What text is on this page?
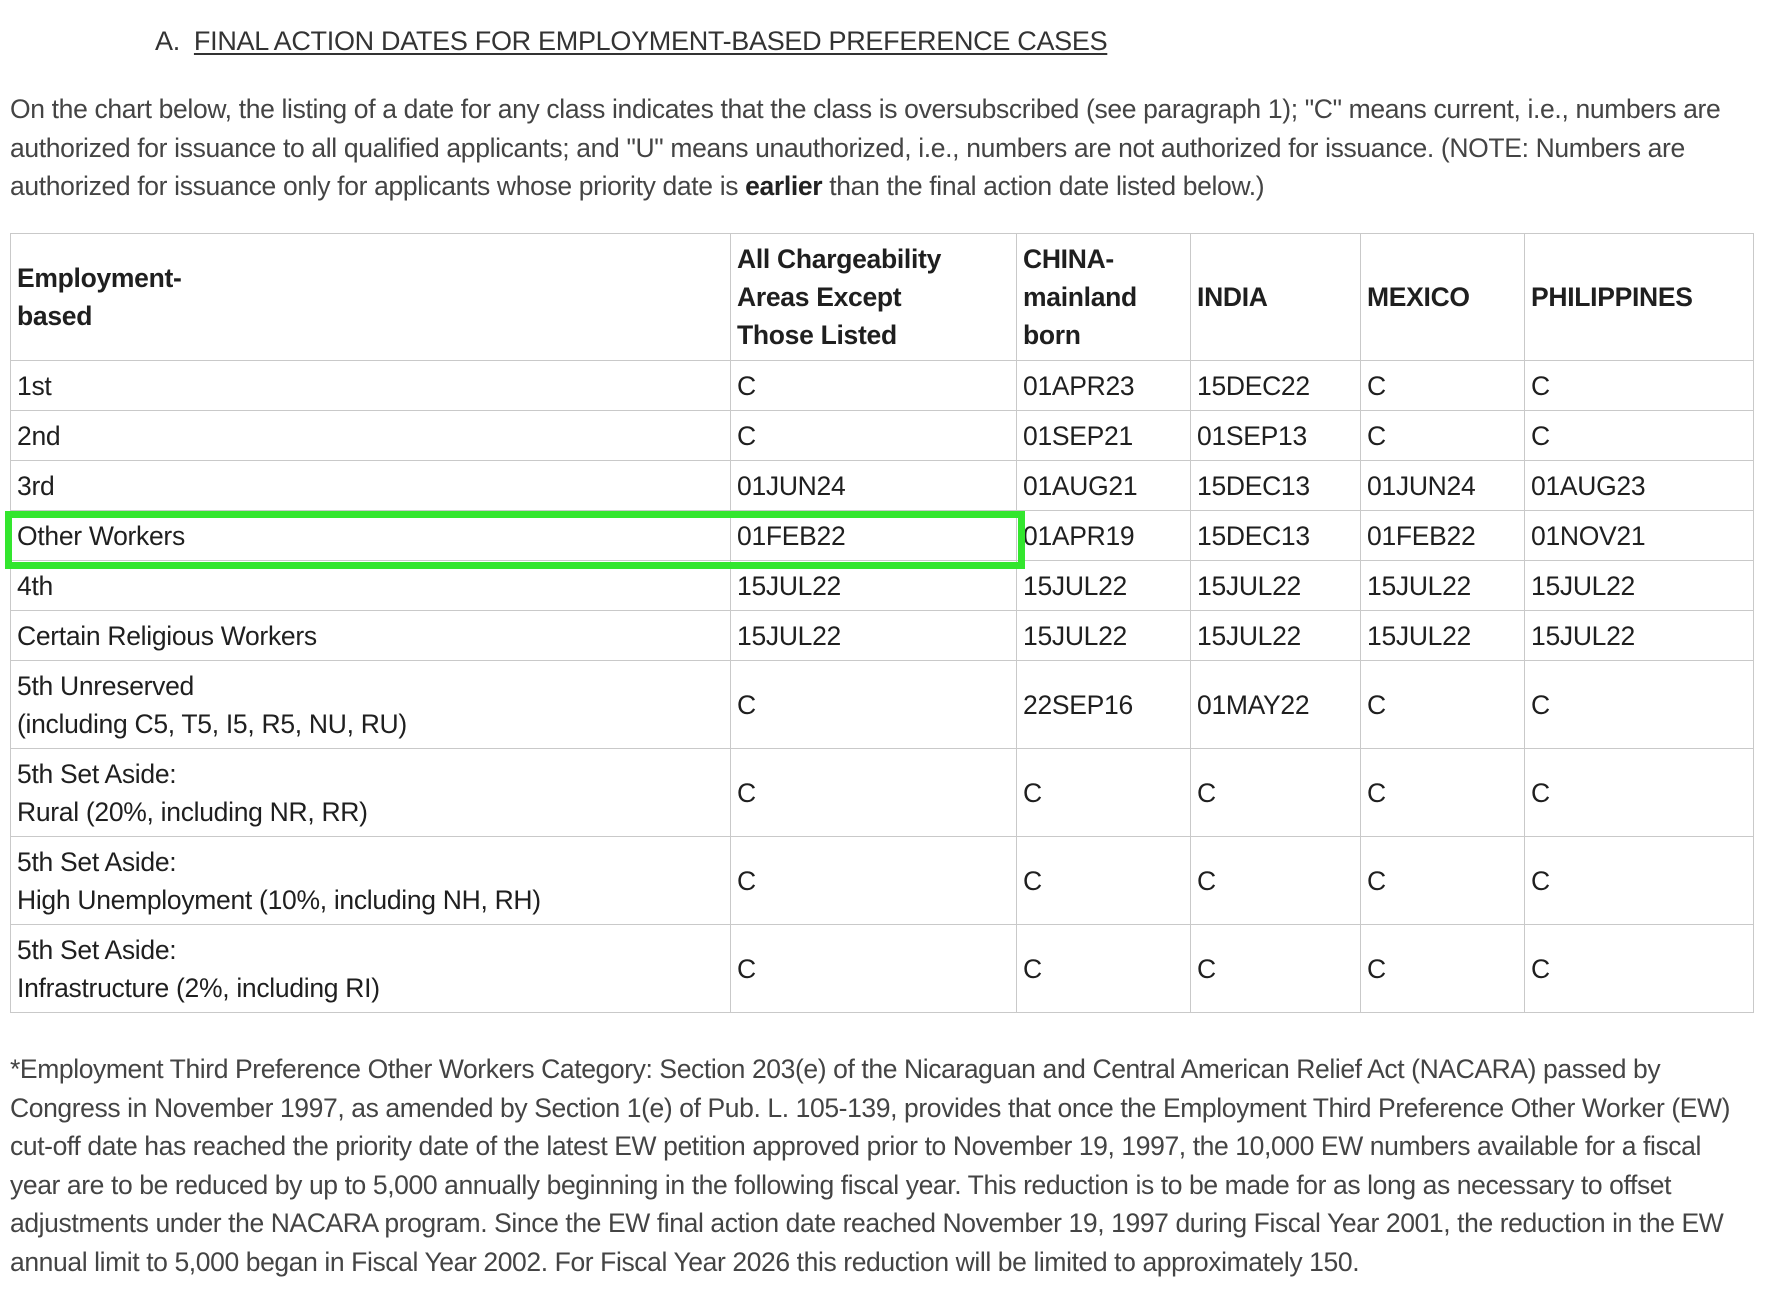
A. FINAL ACTION DATES FOR EMPLOYMENT-BASED PREFERENCE CASES

On the chart below, the listing of a date for any class indicates that the class is oversubscribed (see paragraph 1); "C" means current, i.e., numbers are authorized for issuance to all qualified applicants; and "U" means unauthorized, i.e., numbers are not authorized for issuance. (NOTE: Numbers are authorized for issuance only for applicants whose priority date is earlier than the final action date listed below.)

Employment-
based	All Chargeability
Areas Except
Those Listed	CHINA-
mainland
born	INDIA	MEXICO	PHILIPPINES
1st	C	01APR23	15DEC22	C	C
2nd	C	01SEP21	01SEP13	C	C
3rd	01JUN24	01AUG21	15DEC13	01JUN24	01AUG23
Other Workers	01FEB22	01APR19	15DEC13	01FEB22	01NOV21
4th	15JUL22	15JUL22	15JUL22	15JUL22	15JUL22
Certain Religious Workers	15JUL22	15JUL22	15JUL22	15JUL22	15JUL22
5th Unreserved
(including C5, T5, I5, R5, NU, RU)	C	22SEP16	01MAY22	C	C
5th Set Aside:
Rural (20%, including NR, RR)	C	C	C	C	C
5th Set Aside:
High Unemployment (10%, including NH, RH)	C	C	C	C	C
5th Set Aside:
Infrastructure (2%, including RI)	C	C	C	C	C

*Employment Third Preference Other Workers Category: Section 203(e) of the Nicaraguan and Central American Relief Act (NACARA) passed by Congress in November 1997, as amended by Section 1(e) of Pub. L. 105-139, provides that once the Employment Third Preference Other Worker (EW) cut-off date has reached the priority date of the latest EW petition approved prior to November 19, 1997, the 10,000 EW numbers available for a fiscal year are to be reduced by up to 5,000 annually beginning in the following fiscal year. This reduction is to be made for as long as necessary to offset adjustments under the NACARA program. Since the EW final action date reached November 19, 1997 during Fiscal Year 2001, the reduction in the EW annual limit to 5,000 began in Fiscal Year 2002. For Fiscal Year 2026 this reduction will be limited to approximately 150.
